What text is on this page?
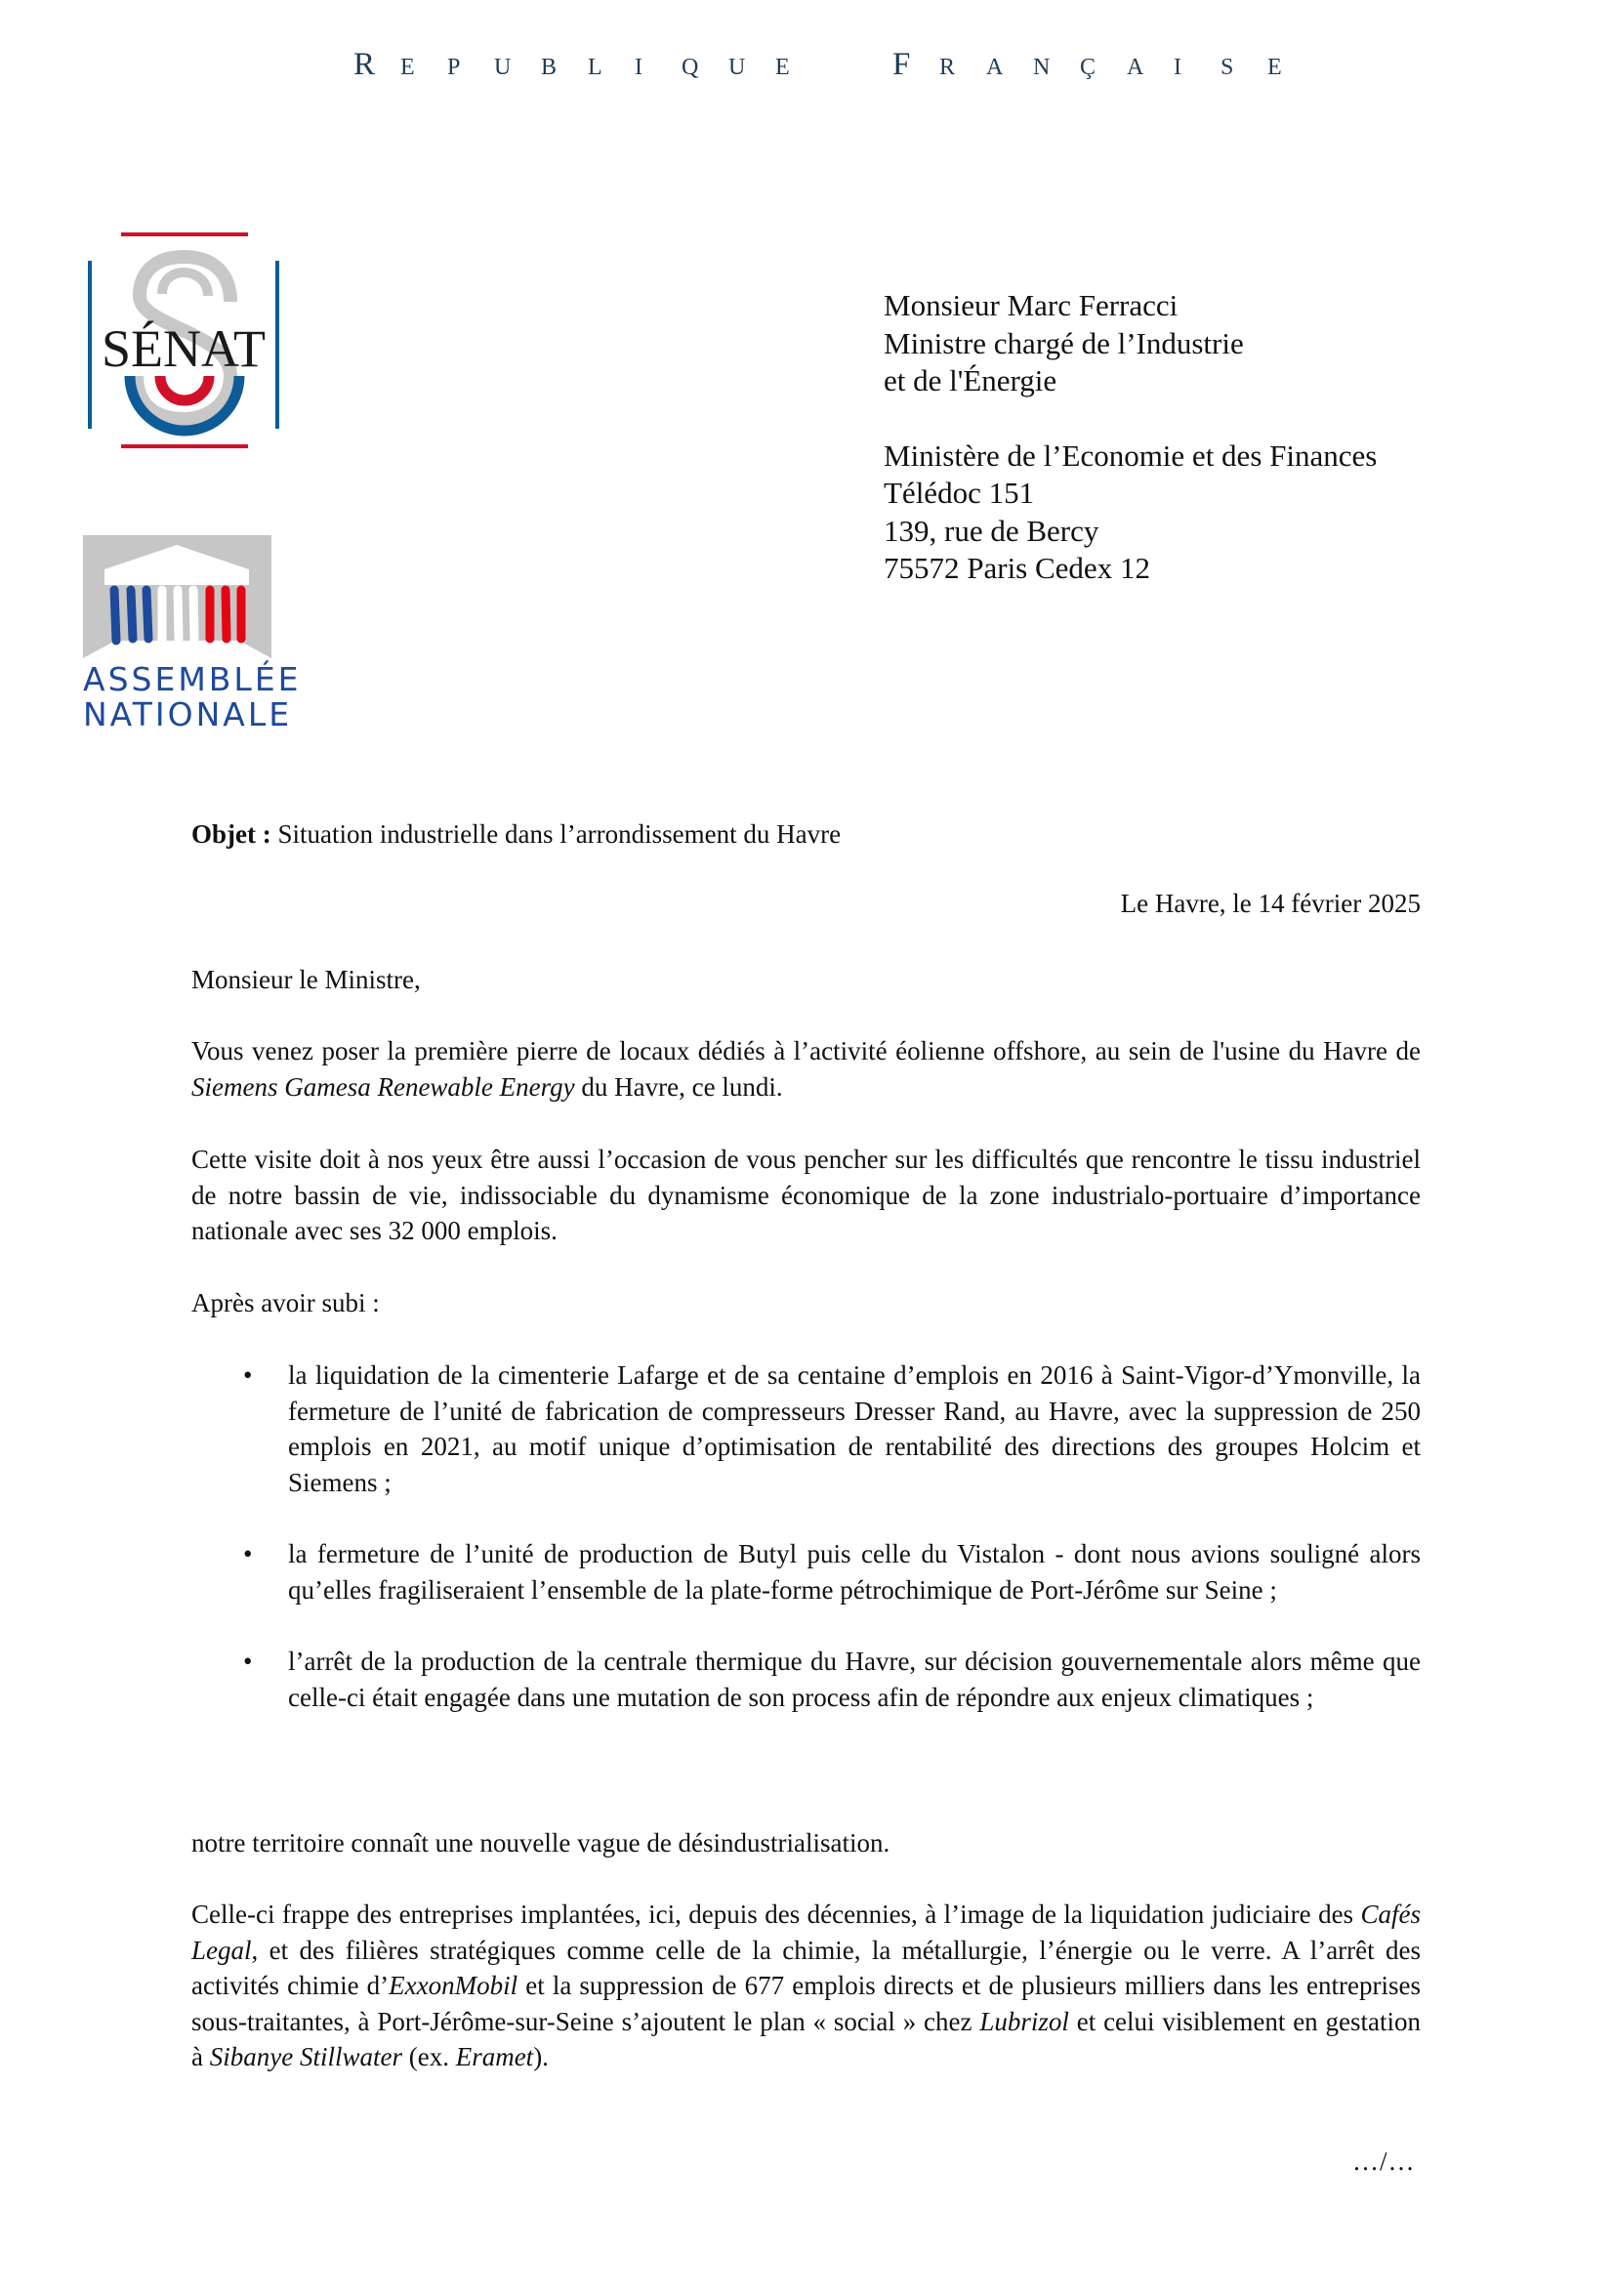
R E P U B L I Q U E	F R A N Ç A I S E
SÉNAT
ASSEMBLÉE
NATIONALE
Monsieur Marc Ferracci
Ministre chargé de l’Industrie
et de l'Énergie
Ministère de l’Economie et des Finances
Télédoc 151
139, rue de Bercy
75572 Paris Cedex 12

Objet : Situation industrielle dans l’arrondissement du Havre

Le Havre, le 14 février 2025

Monsieur le Ministre,

Vous venez poser la première pierre de locaux dédiés à l’activité éolienne offshore, au sein de l'usine du Havre de Siemens Gamesa Renewable Energy du Havre, ce lundi.

Cette visite doit à nos yeux être aussi l’occasion de vous pencher sur les difficultés que rencontre le tissu industriel de notre bassin de vie, indissociable du dynamisme économique de la zone industrialo-portuaire d’importance nationale avec ses 32 000 emplois.

Après avoir subi :

• la liquidation de la cimenterie Lafarge et de sa centaine d’emplois en 2016 à Saint-Vigor-d’Ymonville, la fermeture de l’unité de fabrication de compresseurs Dresser Rand, au Havre, avec la suppression de 250 emplois en 2021, au motif unique d’optimisation de rentabilité des directions des groupes Holcim et Siemens ;
• la fermeture de l’unité de production de Butyl puis celle du Vistalon - dont nous avions souligné alors qu’elles fragiliseraient l’ensemble de la plate-forme pétrochimique de Port-Jérôme sur Seine ;
• l’arrêt de la production de la centrale thermique du Havre, sur décision gouvernementale alors même que celle-ci était engagée dans une mutation de son process afin de répondre aux enjeux climatiques ;

notre territoire connaît une nouvelle vague de désindustrialisation.

Celle-ci frappe des entreprises implantées, ici, depuis des décennies, à l’image de la liquidation judiciaire des Cafés Legal, et des filières stratégiques comme celle de la chimie, la métallurgie, l’énergie ou le verre. A l’arrêt des activités chimie d’ExxonMobil et la suppression de 677 emplois directs et de plusieurs milliers dans les entreprises sous-traitantes, à Port-Jérôme-sur-Seine s’ajoutent le plan « social » chez Lubrizol et celui visiblement en gestation à Sibanye Stillwater (ex. Eramet).

…/…
